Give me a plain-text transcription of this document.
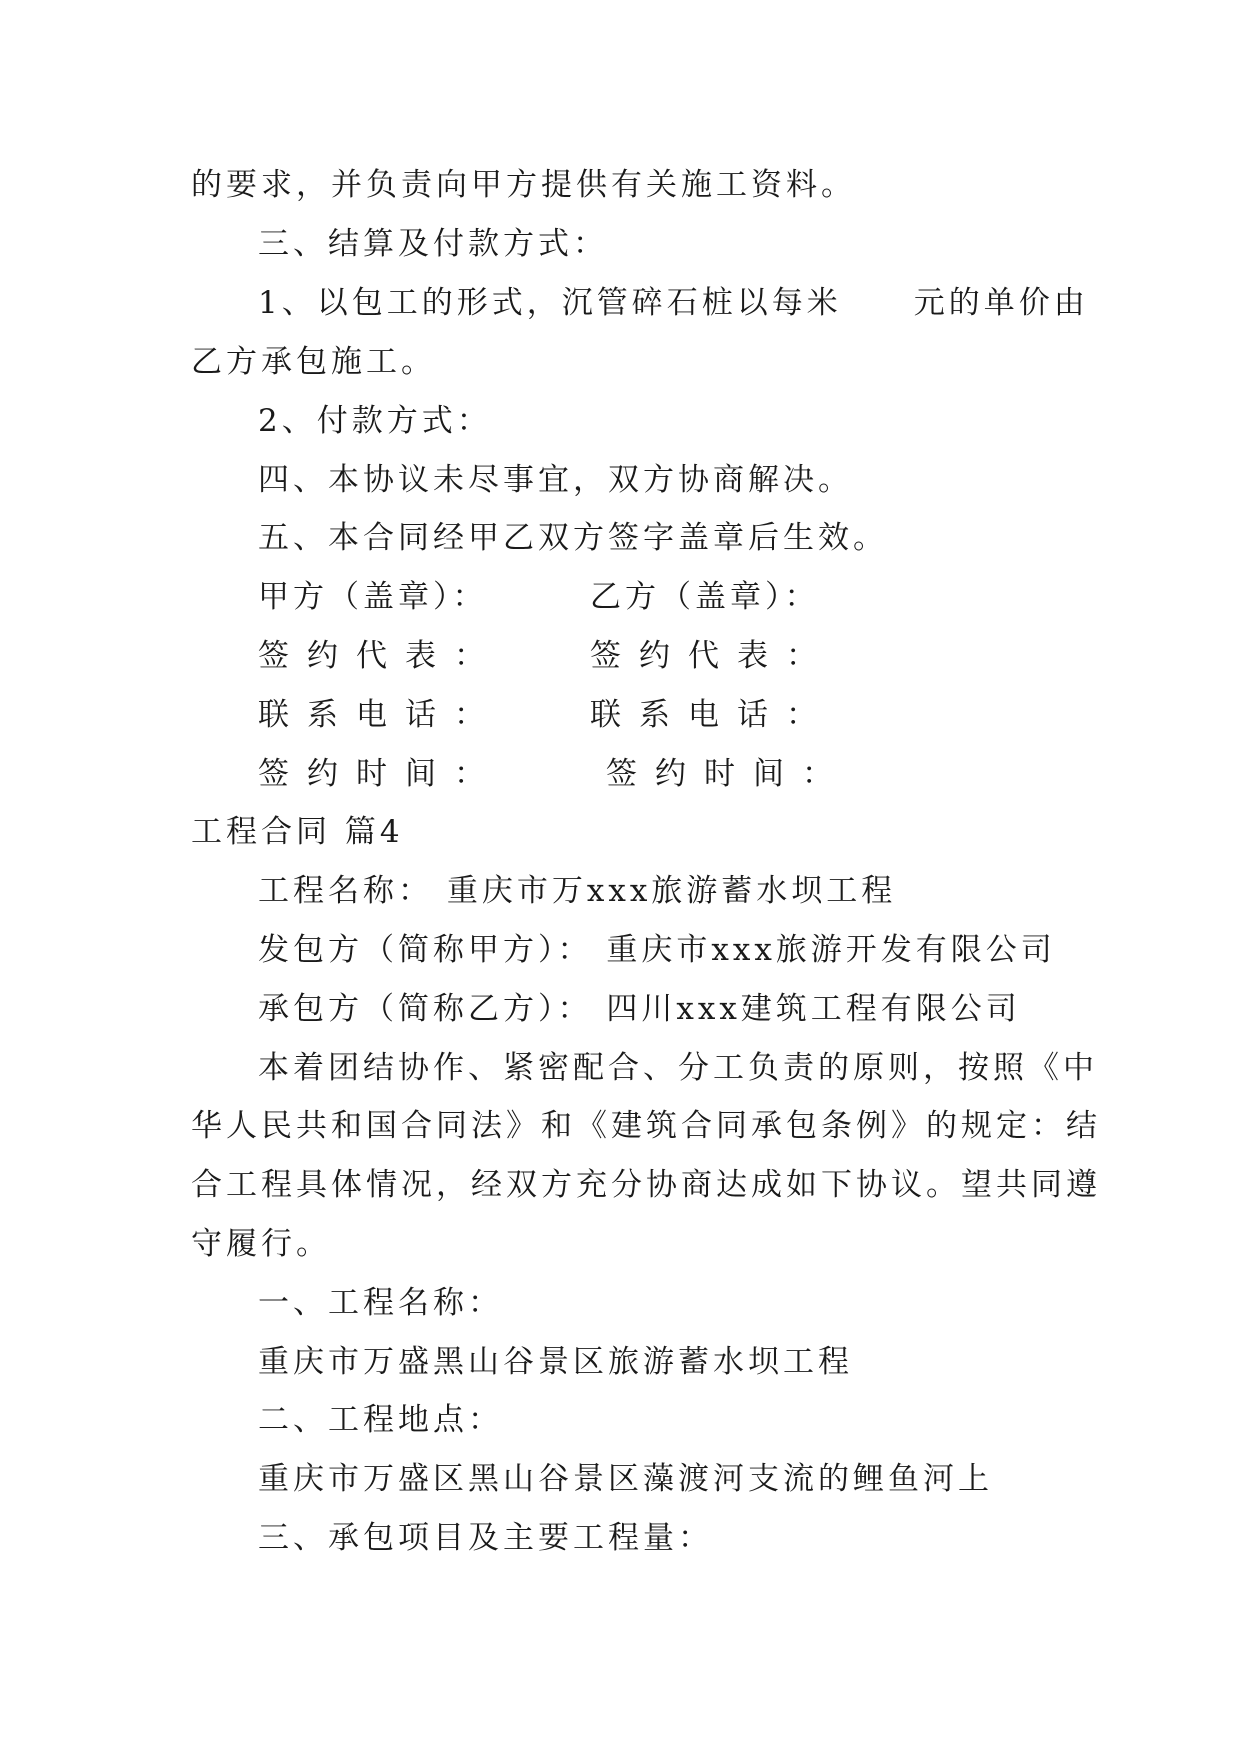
的要求，并负责向甲方提供有关施工资料。
三、结算及付款方式：
1、以包工的形式，沉管碎石桩以每米 元的单价由
乙方承包施工。
2、付款方式：
四、本协议未尽事宜，双方协商解决。
五、本合同经甲乙双方签字盖章后生效。
甲方（盖章）：	乙方（盖章）：
签约代表：	签约代表：
联系电话：	联系电话：
签约时间：	签约时间：
工程合同 篇4
工程名称： 重庆市万xxx旅游蓄水坝工程
发包方（简称甲方）： 重庆市xxx旅游开发有限公司
承包方（简称乙方）： 四川xxx建筑工程有限公司
本着团结协作、紧密配合、分工负责的原则，按照《中
华人民共和国合同法》和《建筑合同承包条例》的规定：结
合工程具体情况，经双方充分协商达成如下协议。望共同遵
守履行。
一、工程名称：
重庆市万盛黑山谷景区旅游蓄水坝工程
二、工程地点：
重庆市万盛区黑山谷景区藻渡河支流的鲤鱼河上
三、承包项目及主要工程量：
